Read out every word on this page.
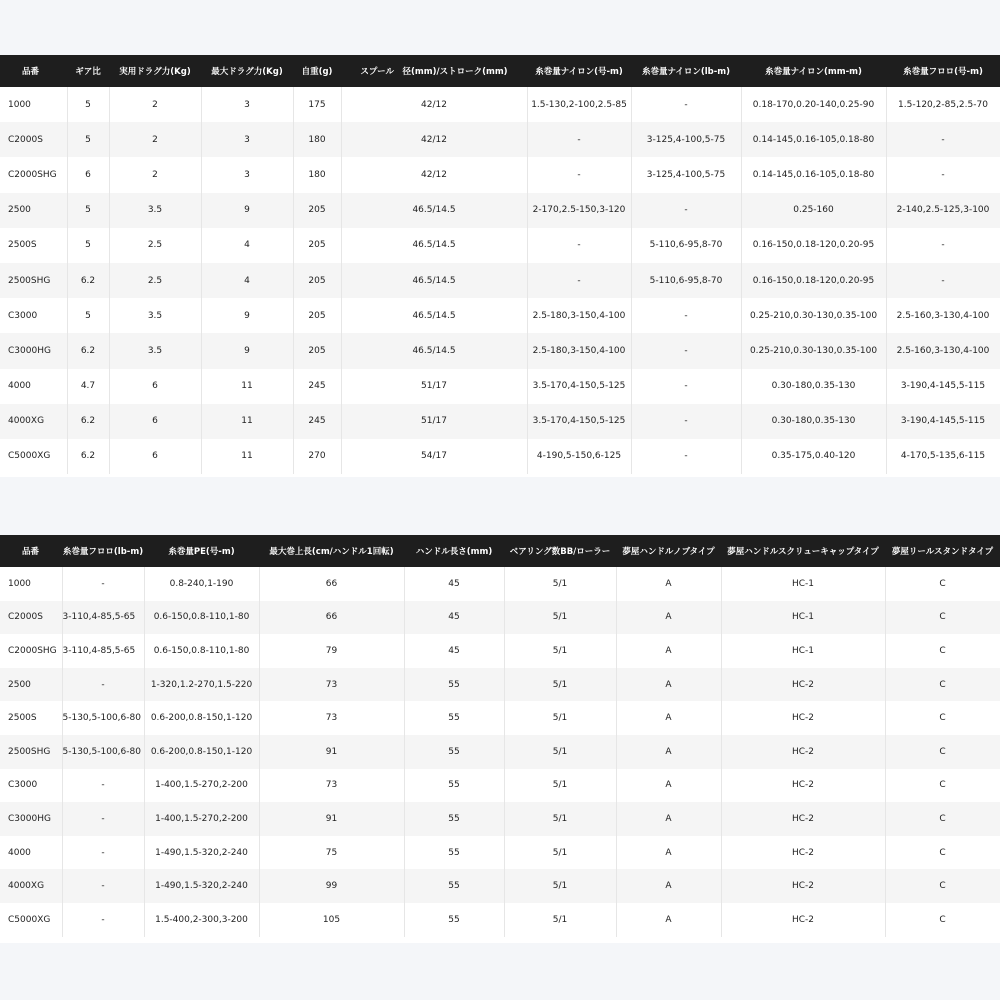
品番	ギア比	実用ドラグ力(Kg)	最大ドラグ力(Kg)	自重(g)	スプール　径(mm)/ストローク(mm)	糸巻量ナイロン(号-m)	糸巻量ナイロン(lb-m)	糸巻量ナイロン(mm-m)	糸巻量フロロ(号-m)
1000	5	2	3	175	42/12	1.5-130,2-100,2.5-85	-	0.18-170,0.20-140,0.25-90	1.5-120,2-85,2.5-70
C2000S	5	2	3	180	42/12	-	3-125,4-100,5-75	0.14-145,0.16-105,0.18-80	-
C2000SHG	6	2	3	180	42/12	-	3-125,4-100,5-75	0.14-145,0.16-105,0.18-80	-
2500	5	3.5	9	205	46.5/14.5	2-170,2.5-150,3-120	-	0.25-160	2-140,2.5-125,3-100
2500S	5	2.5	4	205	46.5/14.5	-	5-110,6-95,8-70	0.16-150,0.18-120,0.20-95	-
2500SHG	6.2	2.5	4	205	46.5/14.5	-	5-110,6-95,8-70	0.16-150,0.18-120,0.20-95	-
C3000	5	3.5	9	205	46.5/14.5	2.5-180,3-150,4-100	-	0.25-210,0.30-130,0.35-100	2.5-160,3-130,4-100
C3000HG	6.2	3.5	9	205	46.5/14.5	2.5-180,3-150,4-100	-	0.25-210,0.30-130,0.35-100	2.5-160,3-130,4-100
4000	4.7	6	11	245	51/17	3.5-170,4-150,5-125	-	0.30-180,0.35-130	3-190,4-145,5-115
4000XG	6.2	6	11	245	51/17	3.5-170,4-150,5-125	-	0.30-180,0.35-130	3-190,4-145,5-115
C5000XG	6.2	6	11	270	54/17	4-190,5-150,6-125	-	0.35-175,0.40-120	4-170,5-135,6-115
品番	糸巻量フロロ(lb-m)	糸巻量PE(号-m)	最大巻上長(cm/ハンドル1回転)	ハンドル長さ(mm)	ベアリング数BB/ローラー	夢屋ハンドルノブタイプ	夢屋ハンドルスクリューキャップタイプ	夢屋リールスタンドタイプ
1000	-	0.8-240,1-190	66	45	5/1	A	HC-1	C
C2000S	3-110,4-85,5-65	0.6-150,0.8-110,1-80	66	45	5/1	A	HC-1	C
C2000SHG	3-110,4-85,5-65	0.6-150,0.8-110,1-80	79	45	5/1	A	HC-1	C
2500	-	1-320,1.2-270,1.5-220	73	55	5/1	A	HC-2	C
2500S	5-130,5-100,6-80	0.6-200,0.8-150,1-120	73	55	5/1	A	HC-2	C
2500SHG	5-130,5-100,6-80	0.6-200,0.8-150,1-120	91	55	5/1	A	HC-2	C
C3000	-	1-400,1.5-270,2-200	73	55	5/1	A	HC-2	C
C3000HG	-	1-400,1.5-270,2-200	91	55	5/1	A	HC-2	C
4000	-	1-490,1.5-320,2-240	75	55	5/1	A	HC-2	C
4000XG	-	1-490,1.5-320,2-240	99	55	5/1	A	HC-2	C
C5000XG	-	1.5-400,2-300,3-200	105	55	5/1	A	HC-2	C
